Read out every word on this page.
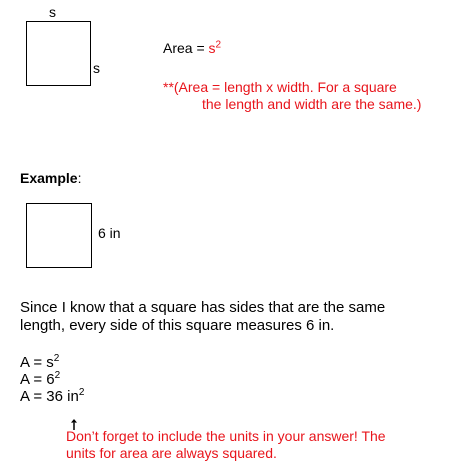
s
s
Area = $s^2$
**(Area = length x width. For a square
the length and width are the same.)
Example:
6 in
Since I know that a square has sides that are the same
length, every side of this square measures 6 in.
$A = s^2$
$A = 6^2$
A = 36 $in^2$
Don’t forget to include the units in your answer! The
units for area are always squared.
